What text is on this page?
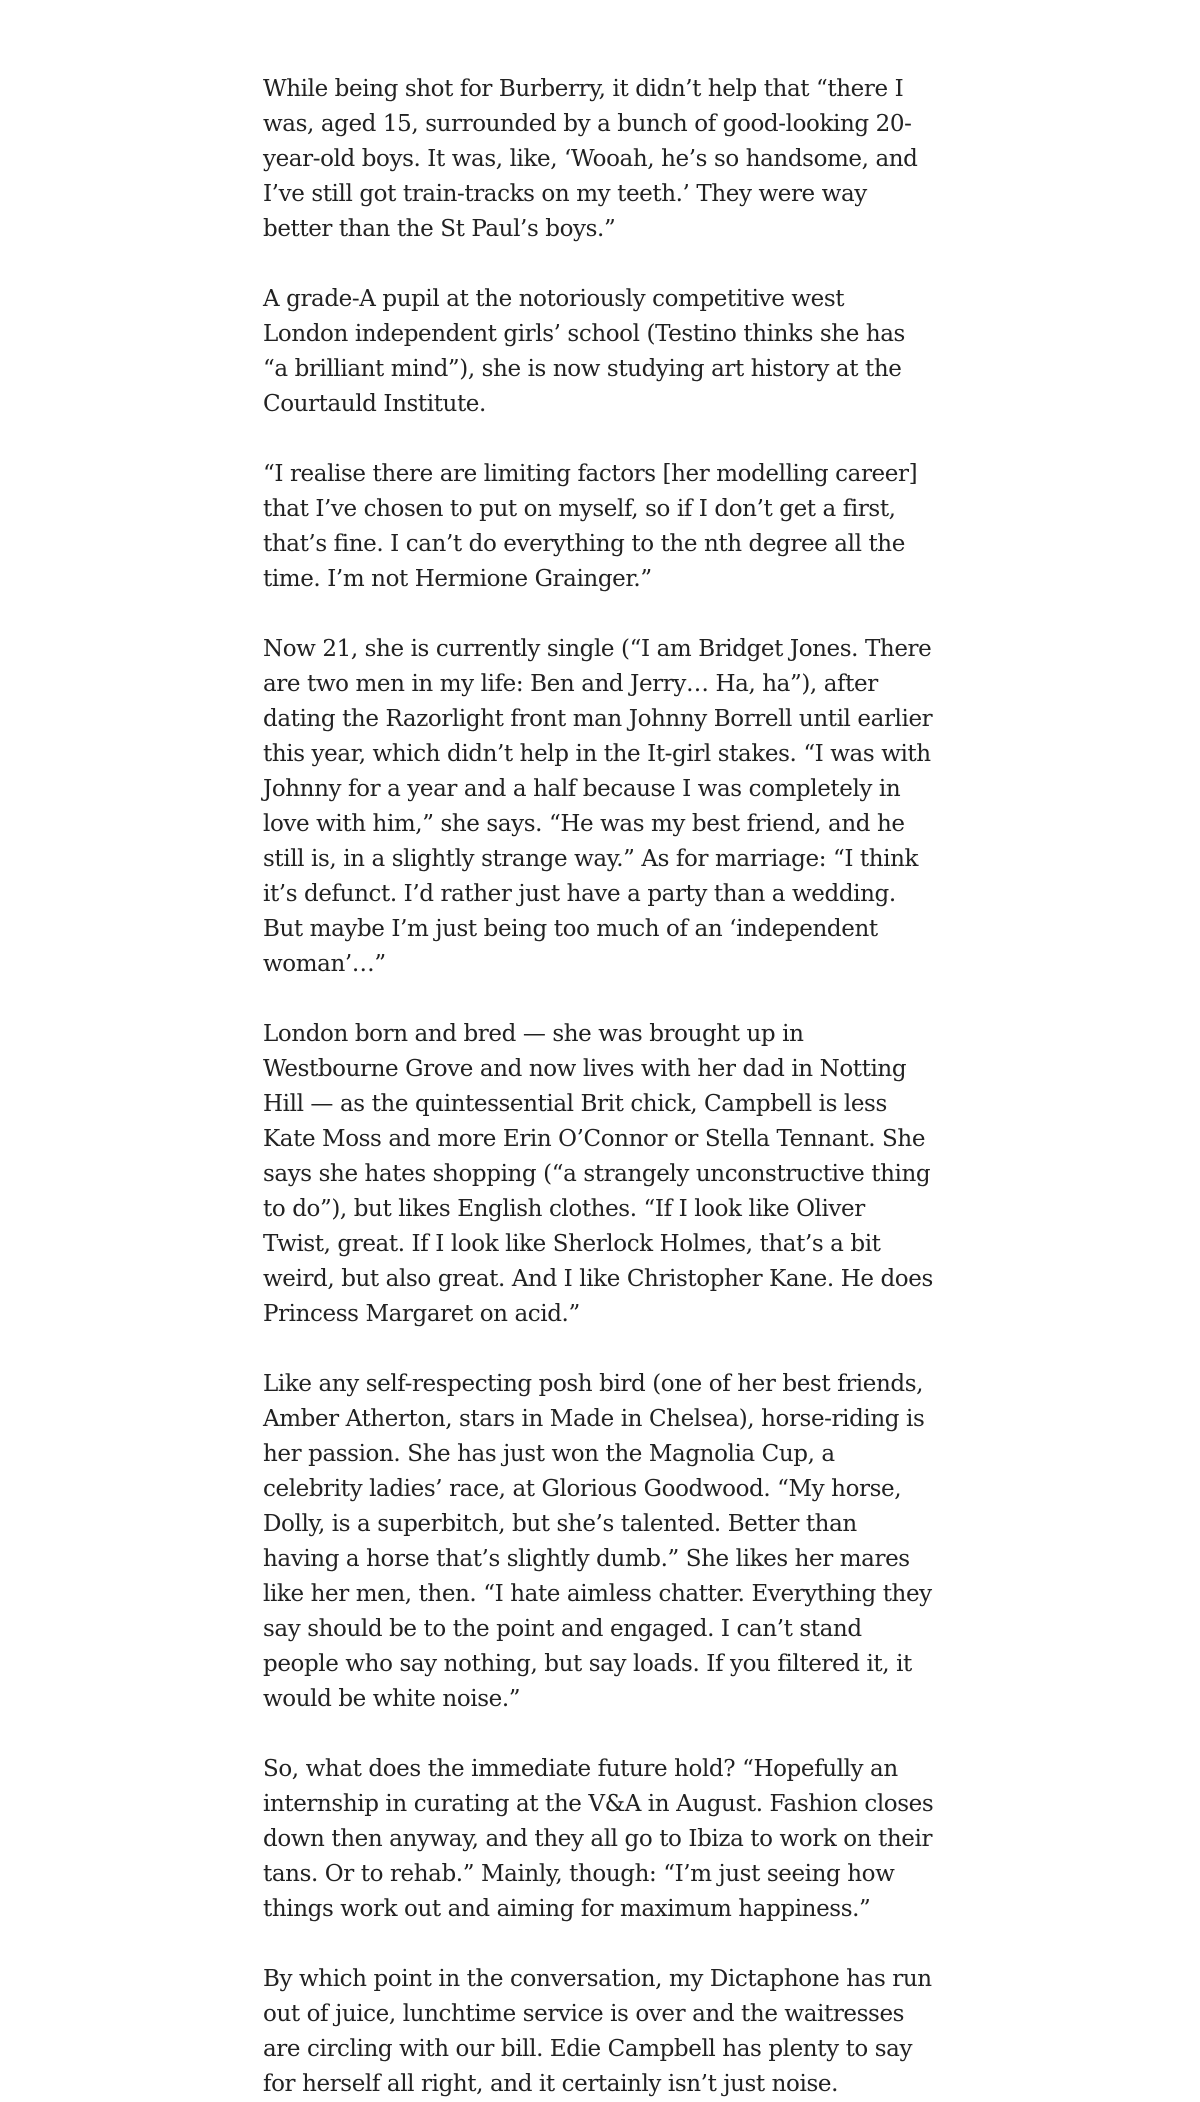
While being shot for Burberry, it didn’t help that “there I was, aged 15, surrounded by a bunch of good-looking 20-year-old boys. It was, like, ‘Wooah, he’s so handsome, and I’ve still got train-tracks on my teeth.’ They were way better than the St Paul’s boys.”

A grade-A pupil at the notoriously competitive west London independent girls’ school (Testino thinks she has “a brilliant mind”), she is now studying art history at the Courtauld Institute.

“I realise there are limiting factors [her modelling career] that I’ve chosen to put on myself, so if I don’t get a first, that’s fine. I can’t do everything to the nth degree all the time. I’m not Hermione Grainger.”

Now 21, she is currently single (“I am Bridget Jones. There are two men in my life: Ben and Jerry… Ha, ha”), after dating the Razorlight front man Johnny Borrell until earlier this year, which didn’t help in the It-girl stakes. “I was with Johnny for a year and a half because I was completely in love with him,” she says. “He was my best friend, and he still is, in a slightly strange way.” As for marriage: “I think it’s defunct. I’d rather just have a party than a wedding. But maybe I’m just being too much of an ‘independent woman’…”

London born and bred — she was brought up in Westbourne Grove and now lives with her dad in Notting Hill — as the quintessential Brit chick, Campbell is less Kate Moss and more Erin O’Connor or Stella Tennant. She says she hates shopping (“a strangely unconstructive thing to do”), but likes English clothes. “If I look like Oliver Twist, great. If I look like Sherlock Holmes, that’s a bit weird, but also great. And I like Christopher Kane. He does Princess Margaret on acid.”

Like any self-respecting posh bird (one of her best friends, Amber Atherton, stars in Made in Chelsea), horse-riding is her passion. She has just won the Magnolia Cup, a celebrity ladies’ race, at Glorious Goodwood. “My horse, Dolly, is a superbitch, but she’s talented. Better than having a horse that’s slightly dumb.” She likes her mares like her men, then. “I hate aimless chatter. Everything they say should be to the point and engaged. I can’t stand people who say nothing, but say loads. If you filtered it, it would be white noise.”

So, what does the immediate future hold? “Hopefully an internship in curating at the V&A in August. Fashion closes down then anyway, and they all go to Ibiza to work on their tans. Or to rehab.” Mainly, though: “I’m just seeing how things work out and aiming for maximum happiness.”

By which point in the conversation, my Dictaphone has run out of juice, lunchtime service is over and the waitresses are circling with our bill. Edie Campbell has plenty to say for herself all right, and it certainly isn’t just noise.
